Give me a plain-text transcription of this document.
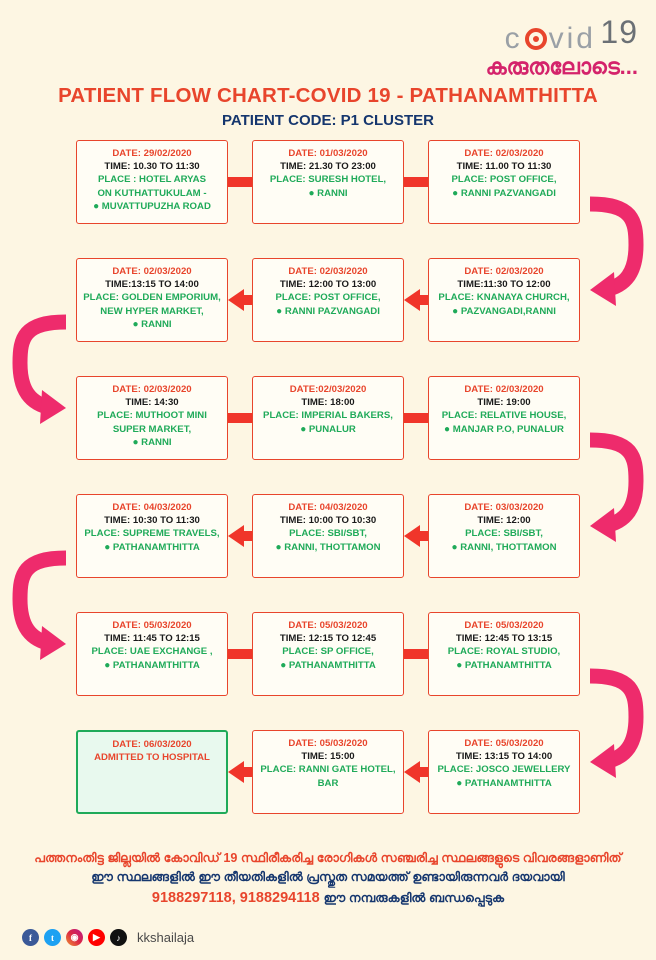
c vid 19
കരുതലോടെ...
PATIENT FLOW CHART-COVID 19 - PATHANAMTHITTA
PATIENT CODE: P1 CLUSTER
DATE: 29/02/2020
TIME: 10.30 TO 11:30
PLACE : HOTEL ARYAS
ON KUTHATTUKULAM -
● MUVATTUPUZHA ROAD
DATE: 01/03/2020
TIME: 21.30 TO 23:00
PLACE: SURESH HOTEL,
● RANNI
DATE: 02/03/2020
TIME: 11.00 TO 11:30
PLACE: POST OFFICE,
● RANNI PAZVANGADI
DATE: 02/03/2020
TIME:13:15 TO 14:00
PLACE: GOLDEN EMPORIUM,
NEW HYPER MARKET,
● RANNI
DATE: 02/03/2020
TIME: 12:00 TO 13:00
PLACE: POST OFFICE,
● RANNI PAZVANGADI
DATE: 02/03/2020
TIME:11:30 TO 12:00
PLACE: KNANAYA CHURCH,
● PAZVANGADI,RANNI
DATE: 02/03/2020
TIME: 14:30
PLACE: MUTHOOT MINI
SUPER MARKET,
● RANNI
DATE:02/03/2020
TIME: 18:00
PLACE: IMPERIAL BAKERS,
● PUNALUR
DATE: 02/03/2020
TIME: 19:00
PLACE: RELATIVE HOUSE,
● MANJAR P.O, PUNALUR
DATE: 04/03/2020
TIME: 10:30 TO 11:30
PLACE: SUPREME TRAVELS,
● PATHANAMTHITTA
DATE: 04/03/2020
TIME: 10:00 TO 10:30
PLACE: SBI/SBT,
● RANNI, THOTTAMON
DATE: 03/03/2020
TIME: 12:00
PLACE: SBI/SBT,
● RANNI, THOTTAMON
DATE: 05/03/2020
TIME: 11:45 TO 12:15
PLACE: UAE EXCHANGE ,
● PATHANAMTHITTA
DATE: 05/03/2020
TIME: 12:15 TO 12:45
PLACE: SP OFFICE,
● PATHANAMTHITTA
DATE: 05/03/2020
TIME: 12:45 TO 13:15
PLACE: ROYAL STUDIO,
● PATHANAMTHITTA
DATE: 06/03/2020
ADMITTED TO HOSPITAL
DATE: 05/03/2020
TIME: 15:00
PLACE: RANNI GATE HOTEL,
BAR
DATE: 05/03/2020
TIME: 13:15 TO 14:00
PLACE: JOSCO JEWELLERY
● PATHANAMTHITTA
പത്തനംതിട്ട ജില്ലയിൽ കോവിഡ് 19 സ്ഥിരീകരിച്ച രോഗികൾ സഞ്ചരിച്ച സ്ഥലങ്ങളുടെ വിവരങ്ങളാണിത്
ഈ സ്ഥലങ്ങളിൽ ഈ തീയതികളിൽ പ്രസ്തുത സമയത്ത് ഉണ്ടായിരുന്നവർ ദയവായി
9188297118, 9188294118 ഈ നമ്പരുകളിൽ ബന്ധപ്പെടുക
f	t	◉	▶	♪	kkshailaja
